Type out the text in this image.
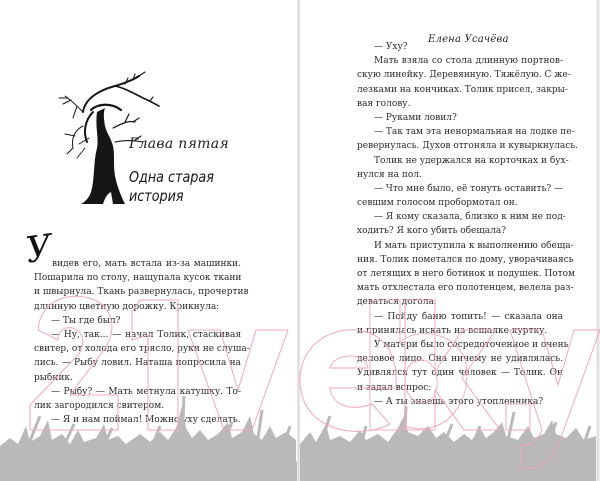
Глава пятая
Одна старая
история
У
видев его, мать встала из-за машинки.
Пошарила по столу, нащупала кусок ткани
и швырнула. Ткань развернулась, прочертив
длинную цветную дорожку. Крикнула:
— Ты где был?
— Ну, так... — начал Толик, стаскивая
свитер, от холода его трясло, руки не слуша-
лись. — Рыбу ловил. Наташа попросила на
рыбник.
— Рыбу? — Мать метнула катушку. То-
лик загородился свитером.
— Я и нам поймал! Можно уху сделать.
Елена Усачёва
— Уху?
Мать взяла со стола длинную портнов-
скую линейку. Деревянную. Тяжёлую. С же-
лезками на кончиках. Толик присел, закры-
вая голову.
— Руками ловил?
— Так там эта ненормальная на лодке пе-
ревернулась. Духов отгоняла и кувыркнулась.
Толик не удержался на корточках и бух-
нулся на пол.
— Что мне было, её тонуть оставить? —
севшим голосом пробормотал он.
— Я кому сказала, близко к ним не под-
ходить? Я кого убить обещала?
И мать приступила к выполнению обеща-
ния. Толик пометался по дому, уворачиваясь
от летящих в него ботинок и подушек. Потом
мать отхлестала его полотенцем, велела раз-
деваться догола.
— Пойду баню топить! — сказала она
и принялась искать на вешалке куртку.
У матери было сосредоточенное и очень
деловое лицо. Она ничему не удивлялась.
Удивлялся тут один человек — Толик. Он
и задал вопрос:
— А ты знаешь этого утопленника?
